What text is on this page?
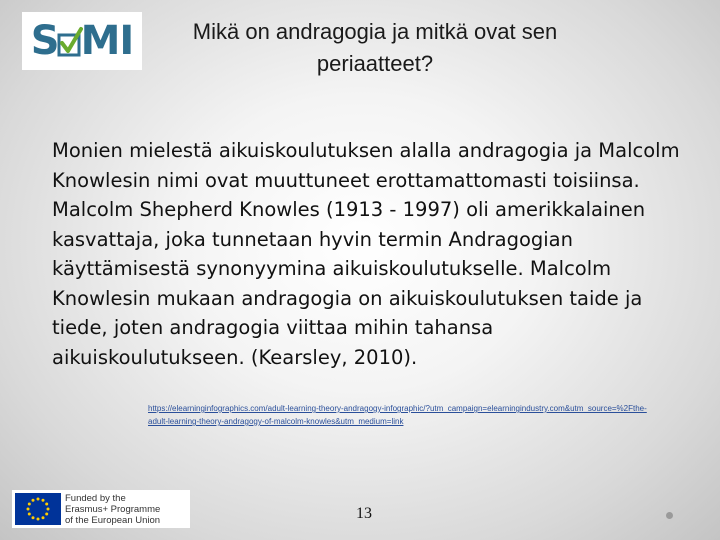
S MI	Mikä on andragogia ja mitkä ovat sen periaatteet?
Monien mielestä aikuiskoulutuksen alalla andragogia ja Malcolm Knowlesin nimi ovat muuttuneet erottamattomasti toisiinsa. Malcolm Shepherd Knowles (1913 - 1997) oli amerikkalainen kasvattaja, joka tunnetaan hyvin termin Andragogian käyttämisestä synonyymina aikuiskoulutukselle. Malcolm Knowlesin mukaan andragogia on aikuiskoulutuksen taide ja tiede, joten andragogia viittaa mihin tahansa aikuiskoulutukseen. (Kearsley, 2010).
https://elearninginfographics.com/adult-learning-theory-andragogy-infographic/?utm_campaign=elearningindustry.com&utm_source=%2Fthe-adult-learning-theory-andragogy-of-malcolm-knowles&utm_medium=link
Funded by the
Erasmus+ Programme
of the European Union	13
